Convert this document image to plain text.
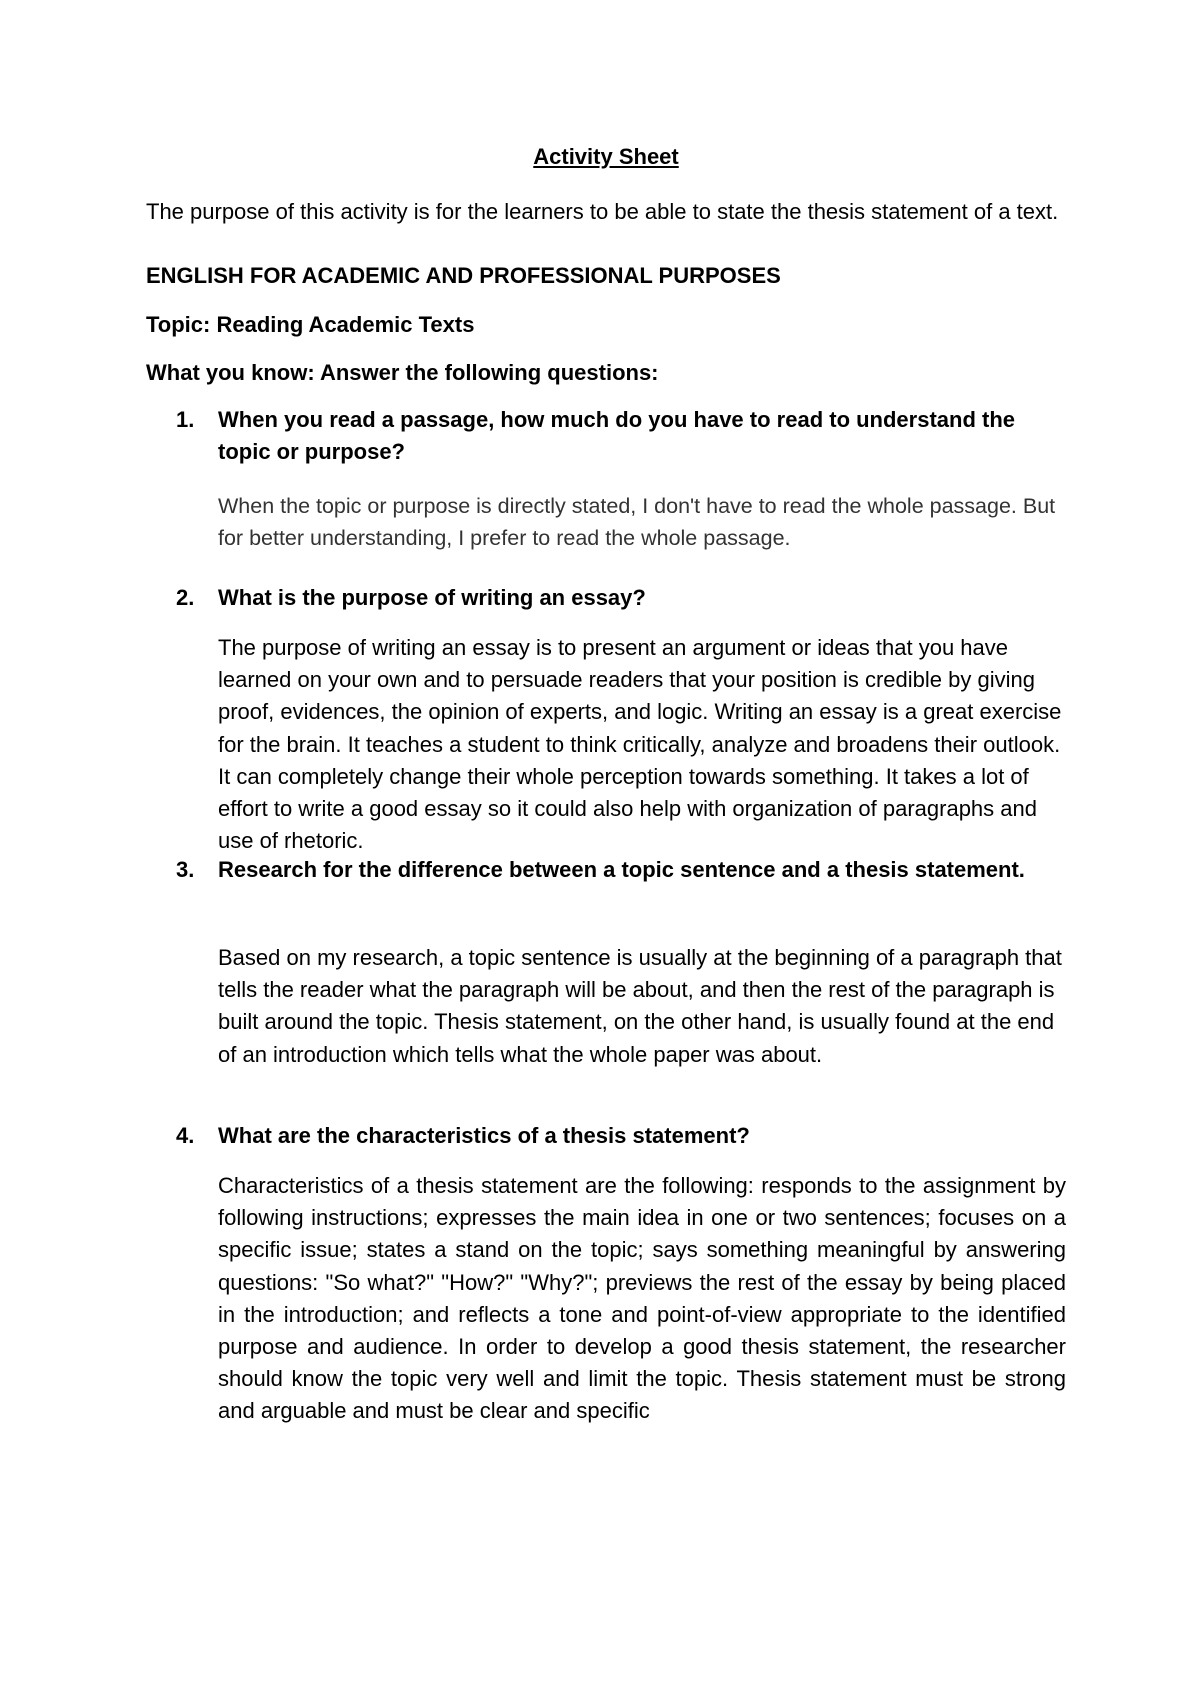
Activity Sheet
The purpose of this activity is for the learners to be able to state the thesis statement of a text.
ENGLISH FOR ACADEMIC AND PROFESSIONAL PURPOSES
Topic: Reading Academic Texts
What you know: Answer the following questions:
1.	When you read a passage, how much do you have to read to understand the topic or purpose?
When the topic or purpose is directly stated, I don't have to read the whole passage. But for better understanding, I prefer to read the whole passage.
2.	What is the purpose of writing an essay?
The purpose of writing an essay is to present an argument or ideas that you have learned on your own and to persuade readers that your position is credible by giving proof, evidences, the opinion of experts, and logic. Writing an essay is a great exercise for the brain. It teaches a student to think critically, analyze and broadens their outlook. It can completely change their whole perception towards something. It takes a lot of effort to write a good essay so it could also help with organization of paragraphs and use of rhetoric.
3.	Research for the difference between a topic sentence and a thesis statement.
Based on my research, a topic sentence is usually at the beginning of a paragraph that tells the reader what the paragraph will be about, and then the rest of the paragraph is built around the topic. Thesis statement, on the other hand, is usually found at the end of an introduction which tells what the whole paper was about.
4.	What are the characteristics of a thesis statement?
Characteristics of a thesis statement are the following: responds to the assignment by following instructions; expresses the main idea in one or two sentences; focuses on a specific issue; states a stand on the topic; says something meaningful by answering questions: "So what?" "How?" "Why?"; previews the rest of the essay by being placed in the introduction; and reflects a tone and point-of-view appropriate to the identified purpose and audience. In order to develop a good thesis statement, the researcher should know the topic very well and limit the topic. Thesis statement must be strong and arguable and must be clear and specific
